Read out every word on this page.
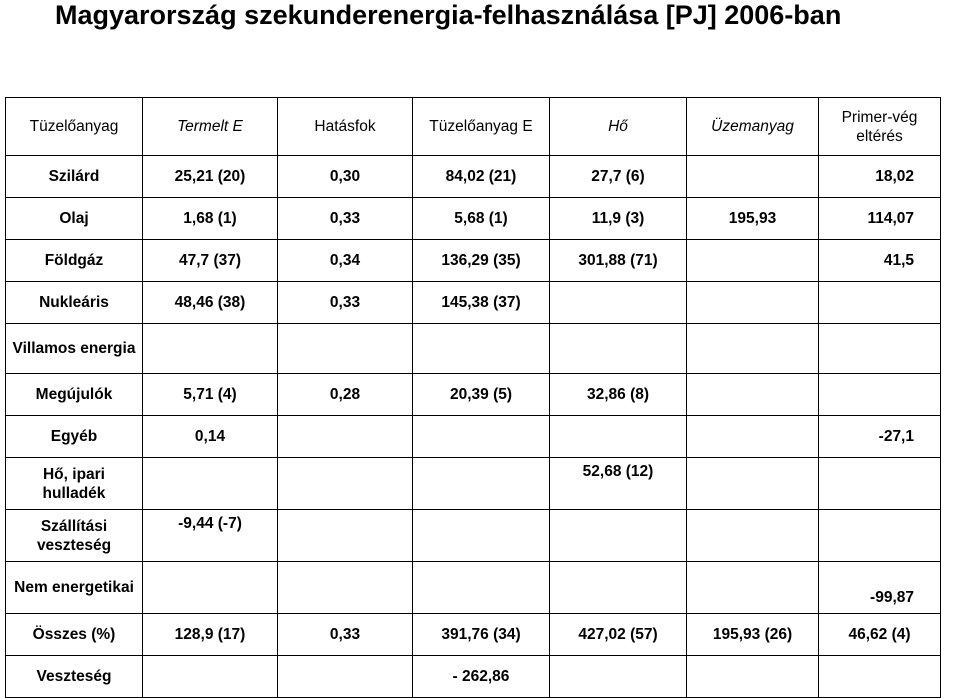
Magyarország szekunderenergia-felhasználása [PJ] 2006-ban
Tüzelőanyag	Termelt E	Hatásfok	Tüzelőanyag E	Hő	Üzemanyag	Primer-vég eltérés
Szilárd	25,21 (20)	0,30	84,02 (21)	27,7 (6)		18,02
Olaj	1,68 (1)	0,33	5,68 (1)	11,9 (3)	195,93	114,07
Földgáz	47,7 (37)	0,34	136,29 (35)	301,88 (71)		41,5
Nukleáris	48,46 (38)	0,33	145,38 (37)			
Villamos energia						
Megújulók	5,71 (4)	0,28	20,39 (5)	32,86 (8)		
Egyéb	0,14					-27,1
Hő, ipari hulladék				52,68 (12)		
Szállítási veszteség	-9,44 (-7)					
Nem energetikai						-99,87
Összes (%)	128,9 (17)	0,33	391,76 (34)	427,02 (57)	195,93 (26)	46,62 (4)
Veszteség			- 262,86			
